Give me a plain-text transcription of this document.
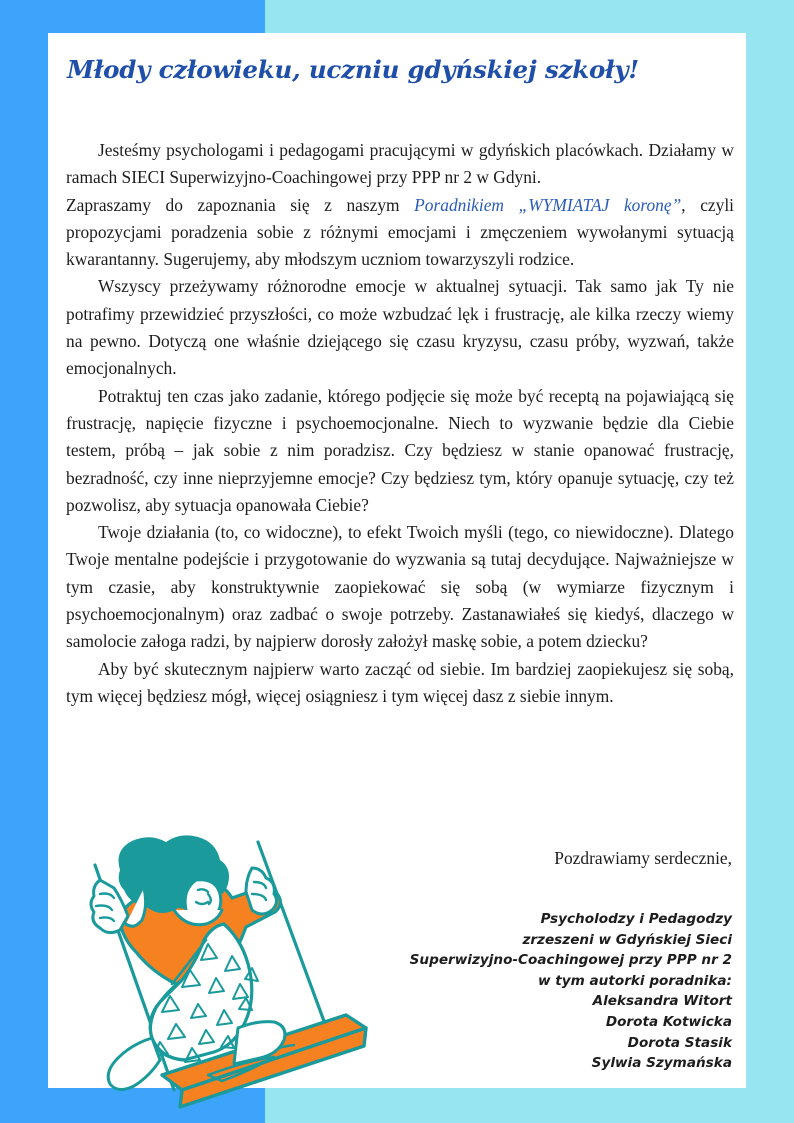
Młody człowieku, uczniu gdyńskiej szkoły!

Jesteśmy psychologami i pedagogami pracującymi w gdyńskich placówkach. Działamy w ramach SIECI Superwizyjno-Coachingowej przy PPP nr 2 w Gdyni.

Zapraszamy do zapoznania się z naszym Poradnikiem „WYMIATAJ koronę”, czyli propozycjami poradzenia sobie z różnymi emocjami i zmęczeniem wywołanymi sytuacją kwarantanny. Sugerujemy, aby młodszym uczniom towarzyszyli rodzice.

Wszyscy przeżywamy różnorodne emocje w aktualnej sytuacji. Tak samo jak Ty nie potrafimy przewidzieć przyszłości, co może wzbudzać lęk i frustrację, ale kilka rzeczy wiemy na pewno. Dotyczą one właśnie dziejącego się czasu kryzysu, czasu próby, wyzwań, także emocjonalnych.

Potraktuj ten czas jako zadanie, którego podjęcie się może być receptą na pojawiającą się frustrację, napięcie fizyczne i psychoemocjonalne. Niech to wyzwanie będzie dla Ciebie testem, próbą – jak sobie z nim poradzisz. Czy będziesz w stanie opanować frustrację, bezradność, czy inne nieprzyjemne emocje? Czy będziesz tym, który opanuje sytuację, czy też pozwolisz, aby sytuacja opanowała Ciebie?

Twoje działania (to, co widoczne), to efekt Twoich myśli (tego, co niewidoczne). Dlatego Twoje mentalne podejście i przygotowanie do wyzwania są tutaj decydujące. Najważniejsze w tym czasie, aby konstruktywnie zaopiekować się sobą (w wymiarze fizycznym i psychoemocjonalnym) oraz zadbać o swoje potrzeby. Zastanawiałeś się kiedyś, dlaczego w samolocie załoga radzi, by najpierw dorosły założył maskę sobie, a potem dziecku?

Aby być skutecznym najpierw warto zacząć od siebie. Im bardziej zaopiekujesz się sobą, tym więcej będziesz mógł, więcej osiągniesz i tym więcej dasz z siebie innym.

Pozdrawiamy serdecznie,
Psycholodzy i Pedagodzy
zrzeszeni w Gdyńskiej Sieci
Superwizyjno-Coachingowej przy PPP nr 2
w tym autorki poradnika:
Aleksandra Witort
Dorota Kotwicka
Dorota Stasik
Sylwia Szymańska
